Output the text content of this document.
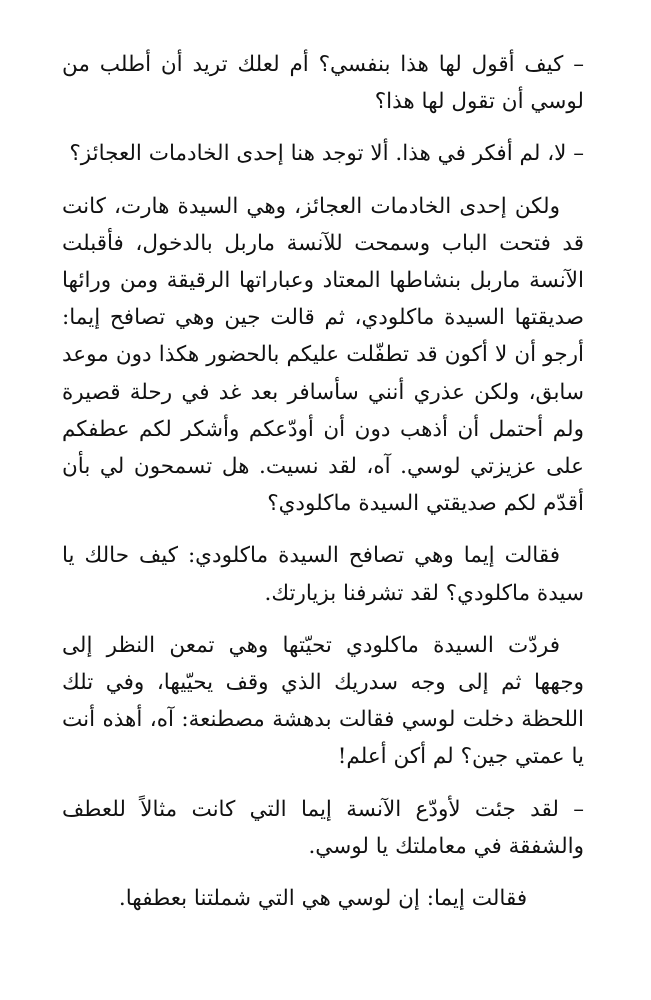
– كيف أقول لها هذا بنفسي؟ أم لعلك تريد أن أطلب من لوسي أن تقول لها هذا؟

– لا، لم أفكر في هذا. ألا توجد هنا إحدى الخادمات العجائز؟

ولكن إحدى الخادمات العجائز، وهي السيدة هارت، كانت قد فتحت الباب وسمحت للآنسة ماربل بالدخول، فأقبلت الآنسة ماربل بنشاطها المعتاد وعباراتها الرقيقة ومن ورائها صديقتها السيدة ماكلودي، ثم قالت جين وهي تصافح إيما: أرجو أن لا أكون قد تطفّلت عليكم بالحضور هكذا دون موعد سابق، ولكن عذري أنني سأسافر بعد غد في رحلة قصيرة ولم أحتمل أن أذهب دون أن أودّعكم وأشكر لكم عطفكم على عزيزتي لوسي. آه، لقد نسيت. هل تسمحون لي بأن أقدّم لكم صديقتي السيدة ماكلودي؟

فقالت إيما وهي تصافح السيدة ماكلودي: كيف حالك يا سيدة ماكلودي؟ لقد تشرفنا بزيارتك.

فردّت السيدة ماكلودي تحيّتها وهي تمعن النظر إلى وجهها ثم إلى وجه سدريك الذي وقف يحيّيها، وفي تلك اللحظة دخلت لوسي فقالت بدهشة مصطنعة: آه، أهذه أنت يا عمتي جين؟ لم أكن أعلم!

– لقد جئت لأودّع الآنسة إيما التي كانت مثالاً للعطف والشفقة في معاملتك يا لوسي.

فقالت إيما: إن لوسي هي التي شملتنا بعطفها.
